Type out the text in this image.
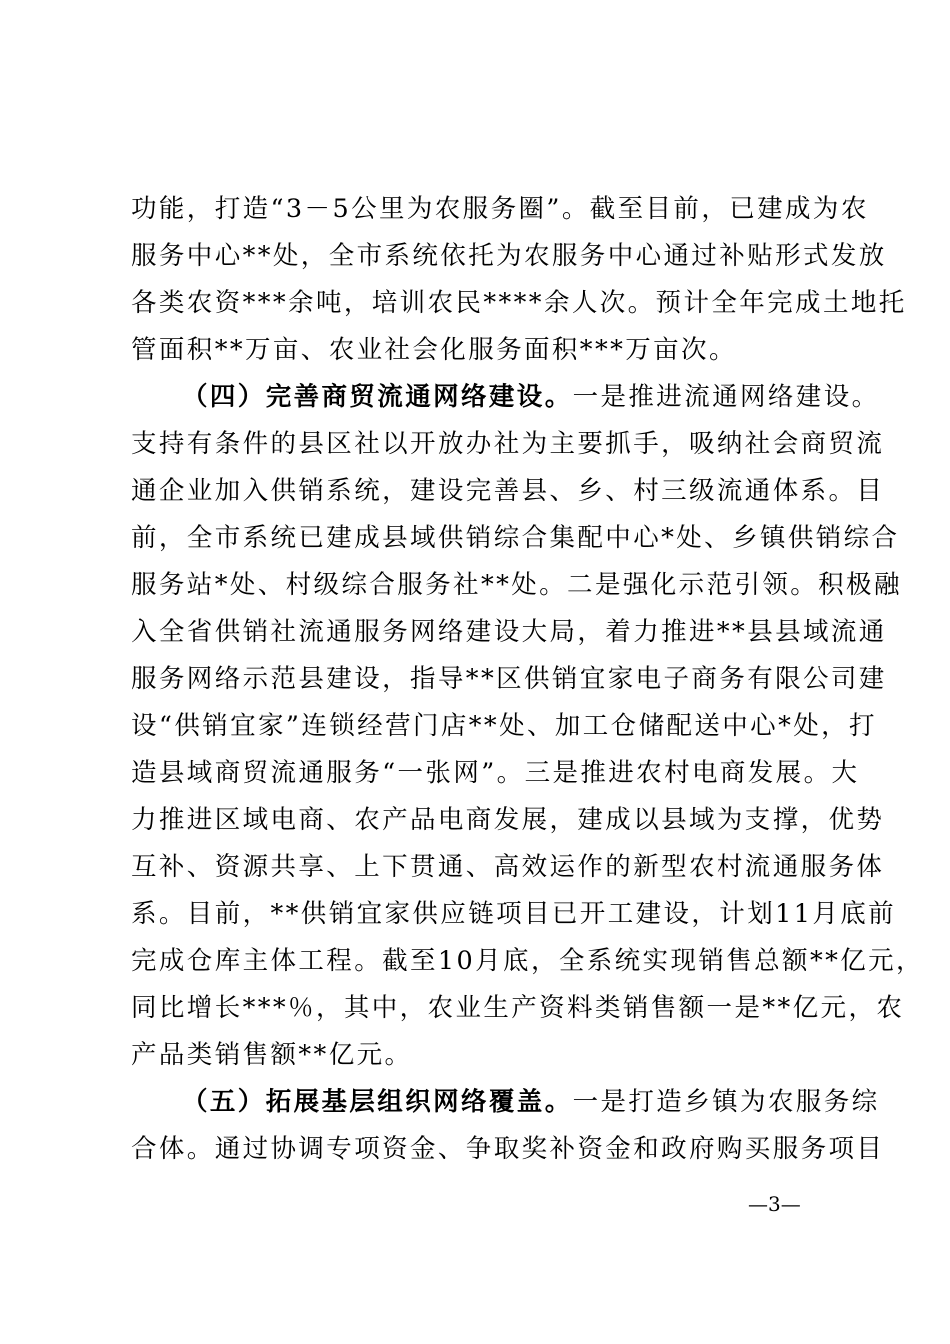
功能，打造“3－5公里为农服务圈”。截至目前，已建成为农
服务中心**处，全市系统依托为农服务中心通过补贴形式发放
各类农资***余吨，培训农民****余人次。预计全年完成土地托
管面积**万亩、农业社会化服务面积***万亩次。
（四）完善商贸流通网络建设。一是推进流通网络建设。
支持有条件的县区社以开放办社为主要抓手，吸纳社会商贸流
通企业加入供销系统，建设完善县、乡、村三级流通体系。目
前，全市系统已建成县域供销综合集配中心*处、乡镇供销综合
服务站*处、村级综合服务社**处。二是强化示范引领。积极融
入全省供销社流通服务网络建设大局，着力推进**县县域流通
服务网络示范县建设，指导**区供销宜家电子商务有限公司建
设“供销宜家”连锁经营门店**处、加工仓储配送中心*处，打
造县域商贸流通服务“一张网”。三是推进农村电商发展。大
力推进区域电商、农产品电商发展，建成以县域为支撑，优势
互补、资源共享、上下贯通、高效运作的新型农村流通服务体
系。目前，**供销宜家供应链项目已开工建设，计划11月底前
完成仓库主体工程。截至10月底，全系统实现销售总额**亿元，
同比增长***％，其中，农业生产资料类销售额一是**亿元，农
产品类销售额**亿元。
（五）拓展基层组织网络覆盖。一是打造乡镇为农服务综
合体。通过协调专项资金、争取奖补资金和政府购买服务项目
—3—
